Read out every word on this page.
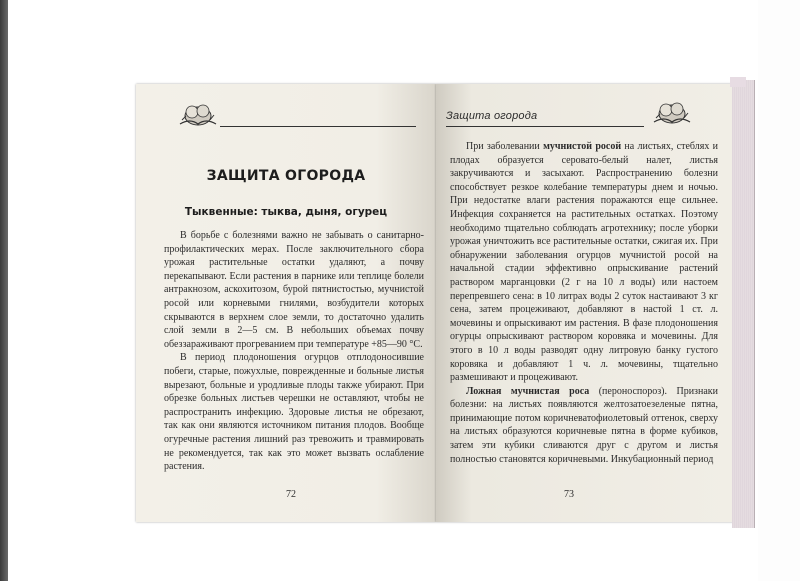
ЗАЩИТА ОГОРОДА
Тыквенные: тыква, дыня, огурец

В борьбе с болезнями важно не забывать о санитарно-профилактических мерах. После заключительного сбора урожая растительные остатки удаляют, а почву перекапывают. Если растения в парнике или теплице болели антракнозом, аскохитозом, бурой пятнистостью, мучнистой росой или корневыми гнилями, возбудители которых скрываются в верхнем слое земли, то достаточно удалить слой земли в 2—5 см. В небольших объемах почву обеззараживают прогреванием при температуре +85—90 °С.

В период плодоношения огурцов отплодоносившие побеги, старые, пожухлые, поврежденные и больные листья вырезают, больные и уродливые плоды также убирают. При обрезке больных листьев черешки не оставляют, чтобы не распространить инфекцию. Здоровые листья не обрезают, так как они являются источником питания плодов. Вообще огуречные растения лишний раз тревожить и травмировать не рекомендуется, так как это может вызвать ослабление растения.

72
Защита огорода

При заболевании мучнистой росой на листьях, стеблях и плодах образуется серовато-белый налет, листья закручиваются и засыхают. Распространению болезни способствует резкое колебание температуры днем и ночью. При недостатке влаги растения поражаются еще сильнее. Инфекция сохраняется на растительных остатках. Поэтому необходимо тщательно соблюдать агротехнику; после уборки урожая уничтожить все растительные остатки, сжигая их. При обнаружении заболевания огурцов мучнистой росой на начальной стадии эффективно опрыскивание растений раствором марганцовки (2 г на 10 л воды) или настоем перепревшего сена: в 10 литрах воды 2 суток настаивают 3 кг сена, затем процеживают, добавляют в настой 1 ст. л. мочевины и опрыскивают им растения. В фазе плодоношения огурцы опрыскивают раствором коровяка и мочевины. Для этого в 10 л воды разводят одну литровую банку густого коровяка и добавляют 1 ч. л. мочевины, тщательно размешивают и процеживают.

Ложная мучнистая роса (пероноспороз). Признаки болезни: на листьях появляются желтозатоезеленые пятна, принимающие потом коричневатофиолетовый оттенок, сверху на листьях образуются коричневые пятна в форме кубиков, затем эти кубики сливаются друг с другом и листья полностью становятся коричневыми. Инкубационный период

73
